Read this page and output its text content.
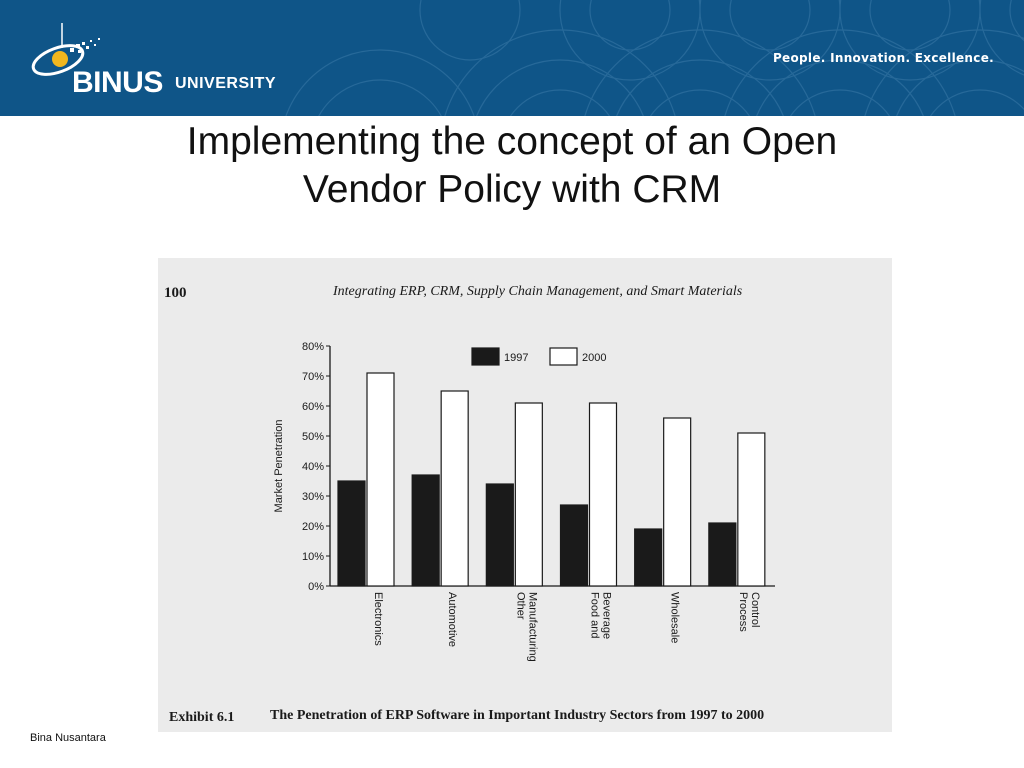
BINUS UNIVERSITY
People. Innovation. Excellence.
Implementing the concept of an Open
Vendor Policy with CRM
100	Integrating ERP, CRM, Supply Chain Management, and Smart Materials
Market Penetration
0%
10%
20%
30%
40%
50%
60%
70%
80%
Electronics	Automotive	Other Manufacturing	Food and Beverage	Wholesale	Process Control
1997	2000
Exhibit 6.1	The Penetration of ERP Software in Important Industry Sectors from 1997 to 2000
Bina Nusantara
